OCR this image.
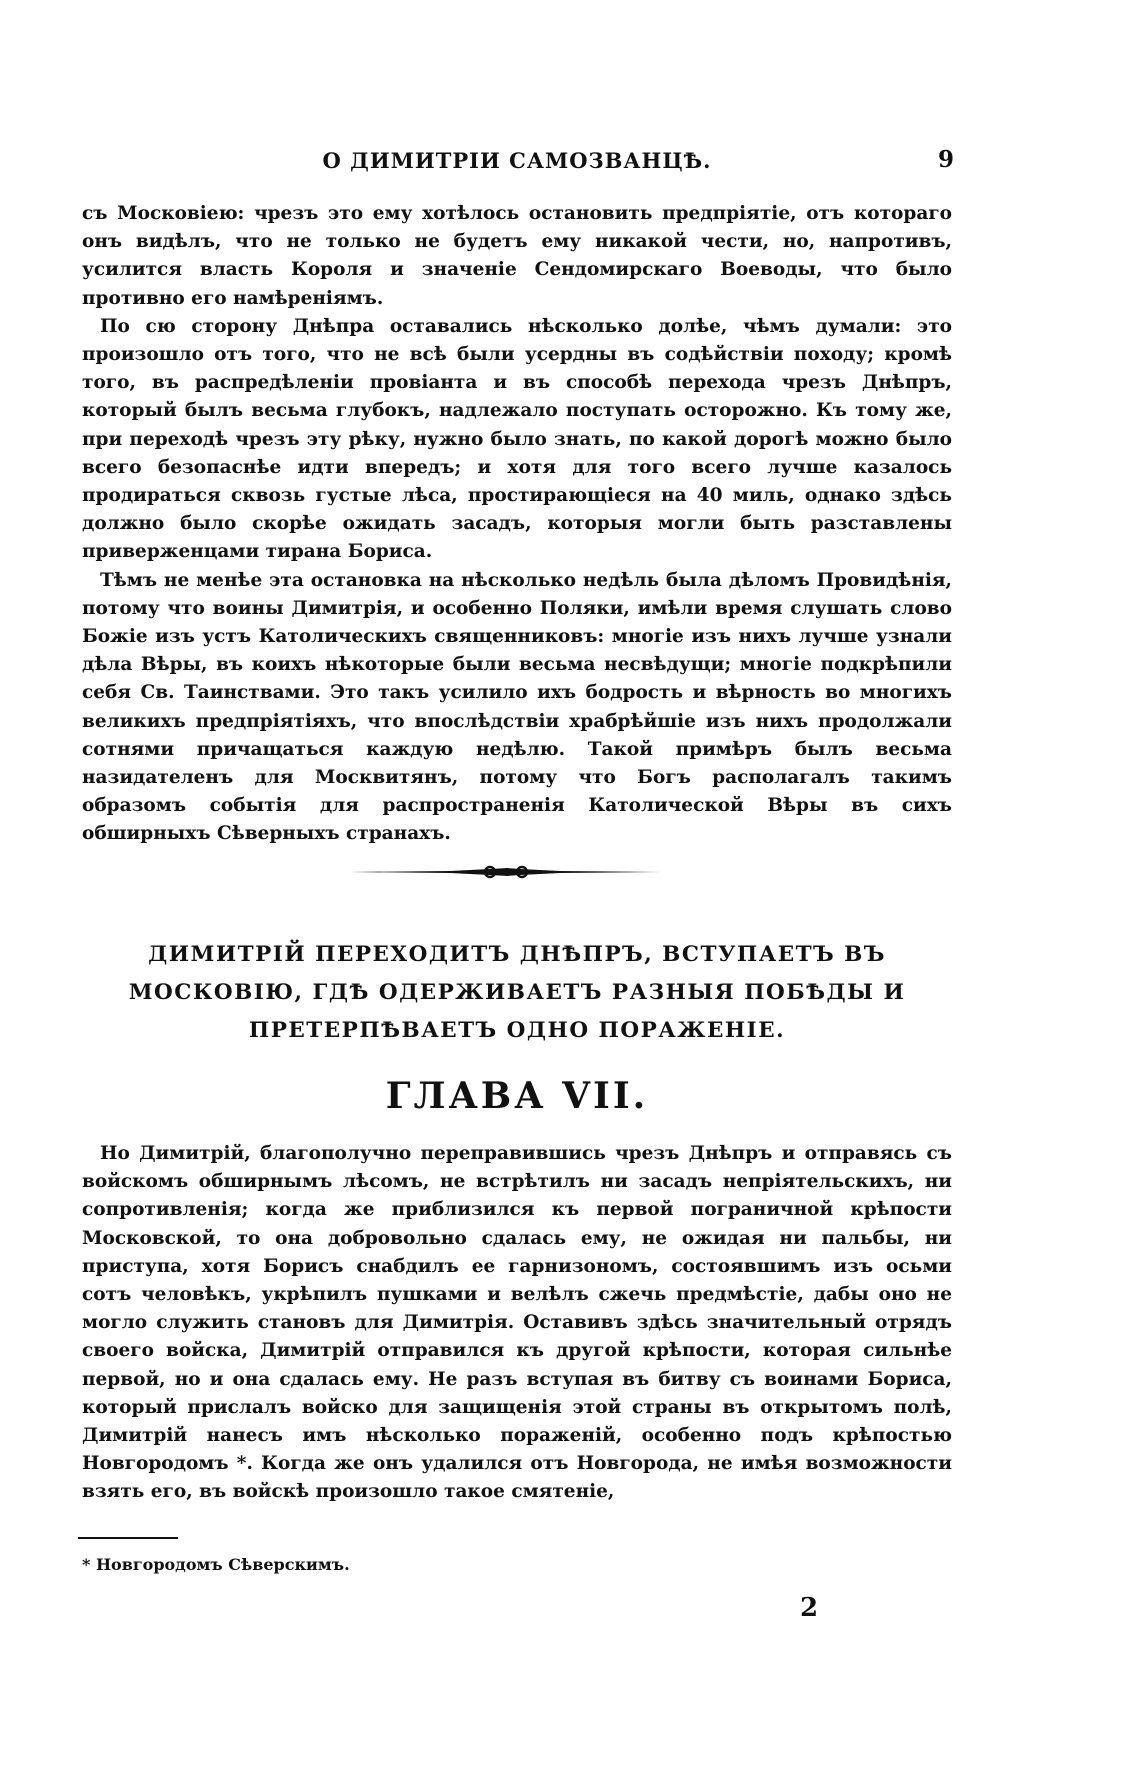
О ДИМИТРІИ САМОЗВАНЦѢ.	9

съ Московіею: чрезъ это ему хотѣлось остановить предпріятіе, отъ котораго онъ видѣлъ, что не только не будетъ ему никакой чести, но, напротивъ, усилится власть Короля и значеніе Сендомирскаго Воеводы, что было противно его намѣреніямъ.

По сю сторону Днѣпра оставались нѣсколько долѣе, чѣмъ думали: это произошло отъ того, что не всѣ были усердны въ содѣйствіи походу; кромѣ того, въ распредѣленіи провіанта и въ способѣ перехода чрезъ Днѣпръ, который былъ весьма глубокъ, надлежало поступать осторожно. Къ тому же, при переходѣ чрезъ эту рѣку, нужно было знать, по какой дорогѣ можно было всего безопаснѣе идти впередъ; и хотя для того всего лучше казалось продираться сквозь густые лѣса, простирающіеся на 40 миль, однако здѣсь должно было скорѣе ожидать засадъ, которыя могли быть разставлены приверженцами тирана Бориса.

Тѣмъ не менѣе эта остановка на нѣсколько недѣль была дѣломъ Провидѣнія, потому что воины Димитрія, и особенно Поляки, имѣли время слушать слово Божіе изъ устъ Католическихъ священниковъ: многіе изъ нихъ лучше узнали дѣла Вѣры, въ коихъ нѣкоторые были весьма несвѣдущи; многіе подкрѣпили себя Св. Таинствами. Это такъ усилило ихъ бодрость и вѣрность во многихъ великихъ предпріятіяхъ, что впослѣдствіи храбрѣйшіе изъ нихъ продолжали сотнями причащаться каждую недѣлю. Такой примѣръ былъ весьма назидателенъ для Москвитянъ, потому что Богъ располагалъ такимъ образомъ событія для распространенія Католической Вѣры въ сихъ обширныхъ Сѣверныхъ странахъ.

ДИМИТРІЙ ПЕРЕХОДИТЪ ДНѢПРЪ, ВСТУПАЕТЪ ВЪ МОСКОВІЮ, ГДѢ ОДЕРЖИВАЕТЪ РАЗНЫЯ ПОБѢДЫ И ПРЕТЕРПѢВАЕТЪ ОДНО ПОРАЖЕНІЕ.
ГЛАВА VII.

Но Димитрій, благополучно переправившись чрезъ Днѣпръ и отправясь съ войскомъ обширнымъ лѣсомъ, не встрѣтилъ ни засадъ непріятельскихъ, ни сопротивленія; когда же приблизился къ первой пограничной крѣпости Московской, то она добровольно сдалась ему, не ожидая ни пальбы, ни приступа, хотя Борисъ снабдилъ ее гарнизономъ, состоявшимъ изъ осьми сотъ человѣкъ, укрѣпилъ пушками и велѣлъ сжечь предмѣстіе, дабы оно не могло служить становъ для Димитрія. Оставивъ здѣсь значительный отрядъ своего войска, Димитрій отправился къ другой крѣпости, которая сильнѣе первой, но и она сдалась ему. Не разъ вступая въ битву съ воинами Бориса, который прислалъ войско для защищенія этой страны въ открытомъ полѣ, Димитрій нанесъ имъ нѣсколько пораженій, особенно подъ крѣпостью Новгородомъ *. Когда же онъ удалился отъ Новгорода, не имѣя возможности взять его, въ войскѣ произошло такое смятеніе,

* Новгородомъ Сѣверскимъ.
2
